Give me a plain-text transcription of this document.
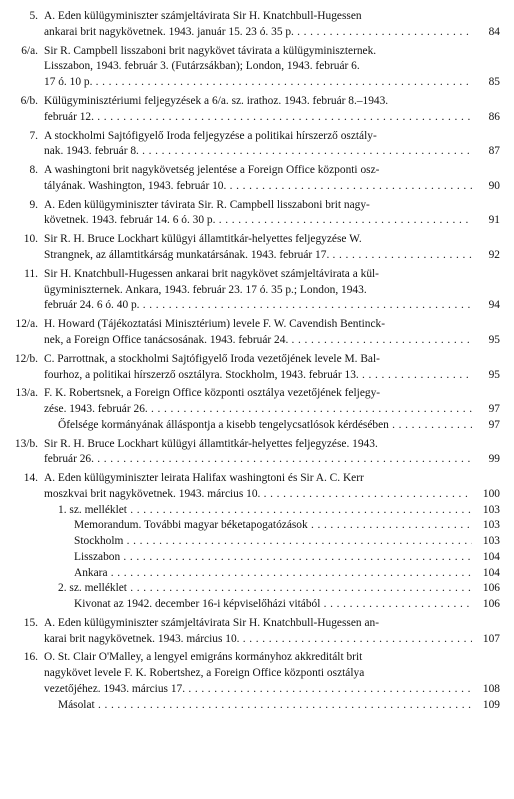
5. A. Eden külügyminiszter számjeltávirata Sir H. Knatchbull-Hugessen
ankarai brit nagykövetnek. 1943. január 15. 23 ó. 35 p. . . .	84
6/a. Sir R. Campbell lisszaboni brit nagykövet távirata a külügyminiszternek.
Lisszabon, 1943. február 3. (Futárzsákban); London, 1943. február 6.
17 ó. 10 p. . . .	85
6/b. Külügyminisztériumi feljegyzések a 6/a. sz. irathoz. 1943. február 8.–1943.
február 12. . . .	86
7. A stockholmi Sajtófigyelő Iroda feljegyzése a politikai hírszerző osztály-
nak. 1943. február 8. . . .	87
8. A washingtoni brit nagykövetség jelentése a Foreign Office központi osz-
tályának. Washington, 1943. február 10. . . .	90
9. A. Eden külügyminiszter távirata Sir. R. Campbell lisszaboni brit nagy-
követnek. 1943. február 14. 6 ó. 30 p. . . .	91
10. Sir R. H. Bruce Lockhart külügyi államtitkár-helyettes feljegyzése W.
Strangnek, az államtitkárság munkatársának. 1943. február 17. . . .	92
11. Sir H. Knatchbull-Hugessen ankarai brit nagykövet számjeltávirata a kül-
ügyminiszternek. Ankara, 1943. február 23. 17 ó. 35 p.; London, 1943.
február 24. 6 ó. 40 p. . . .	94
12/a. H. Howard (Tájékoztatási Minisztérium) levele F. W. Cavendish Bentinck-
nek, a Foreign Office tanácsosának. 1943. február 24. . . .	95
12/b. C. Parrottnak, a stockholmi Sajtófigyelő Iroda vezetőjének levele M. Bal-
fourhoz, a politikai hírszerző osztályra. Stockholm, 1943. február 13. . . .	95
13/a. F. K. Robertsnek, a Foreign Office központi osztálya vezetőjének feljegy-
zése. 1943. február 26. . . .	97
Őfelsége kormányának álláspontja a kisebb tengelycsatlósok kérdésében . . .	97
13/b. Sir R. H. Bruce Lockhart külügyi államtitkár-helyettes feljegyzése. 1943.
február 26. . . .	99
14. A. Eden külügyminiszter leirata Halifax washingtoni és Sir A. C. Kerr
moszkvai brit nagykövetnek. 1943. március 10. . . .	100
1. sz. melléklet . . .	103
Memorandum. További magyar béketapogatózások . . .	103
Stockholm . . .	103
Lisszabon . . .	104
Ankara . . .	104
2. sz. melléklet . . .	106
Kivonat az 1942. december 16-i képviselőházi vitából . . .	106
15. A. Eden külügyminiszter számjeltávirata Sir H. Knatchbull-Hugessen an-
karai brit nagykövetnek. 1943. március 10. . . .	107
16. O. St. Clair O'Malley, a lengyel emigráns kormányhoz akkreditált brit
nagykövet levele F. K. Robertshez, a Foreign Office központi osztálya
vezetőjéhez. 1943. március 17. . . .	108
Másolat . . .	109
